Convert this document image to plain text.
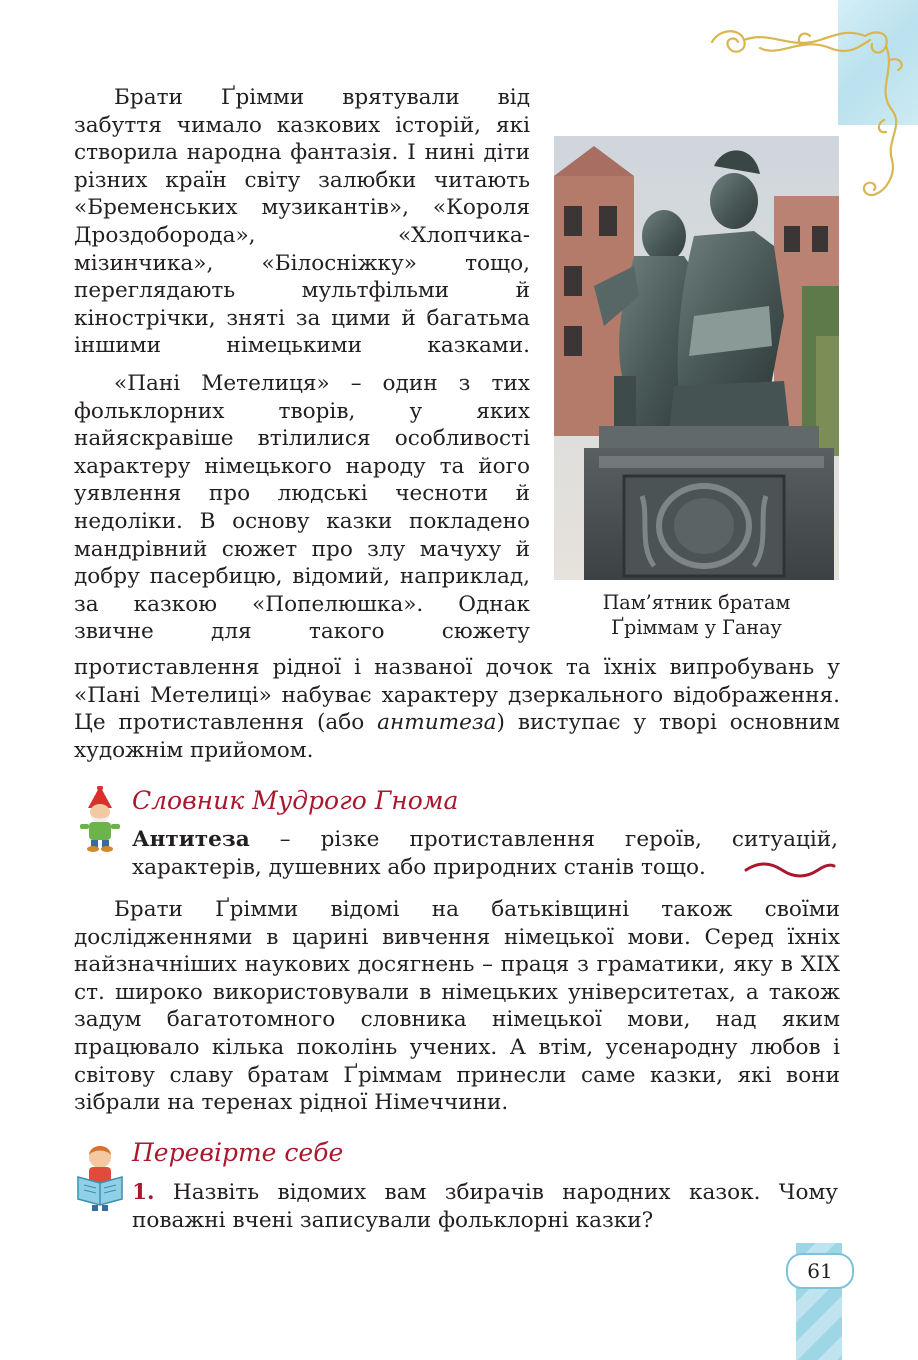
Брати Ґрімми врятували від забуття чимало казкових історій, які створила народна фантазія. І нині діти різних країн світу залюбки читають «Бременських музикантів», «Короля Дроздоборода», «Хлопчика-мізинчика», «Білосніжку» тощо, переглядають мультфільми й кінострічки, зняті за цими й багатьма іншими німецькими казками.

«Пані Метелиця» – один з тих фольклорних творів, у яких найяскравіше втілилися особливості характеру німецького народу та його уявлення про людські чесноти й недоліки. В основу казки покладено мандрівний сюжет про злу мачуху й добру пасербицю, відомий, наприклад, за казкою «Попелюшка». Однак звичне для такого сюжету

протиставлення рідної і названої дочок та їхніх випробувань у «Пані Метелиці» набуває характеру дзеркального відображення. Це протиставлення (або антитеза) виступає у творі основним художнім прийомом.

Пам’ятник братам
Ґріммам у Ганау

Словник Мудрого Гнома

Антитеза – різке протиставлення героїв, ситуацій, характерів, душевних або природних станів тощо.

Брати Ґрімми відомі на батьківщині також своїми дослідженнями в царині вивчення німецької мови. Серед їхніх найзначніших наукових досягнень – праця з граматики, яку в XIX ст. широко використовували в німецьких університетах, а також задум багатотомного словника німецької мови, над яким працювало кілька поколінь учених. А втім, усенародну любов і світову славу братам Ґріммам принесли саме казки, які вони зібрали на теренах рідної Німеччини.

Перевірте себе

1. Назвіть відомих вам збирачів народних казок. Чому поважні вчені записували фольклорні казки?

61
